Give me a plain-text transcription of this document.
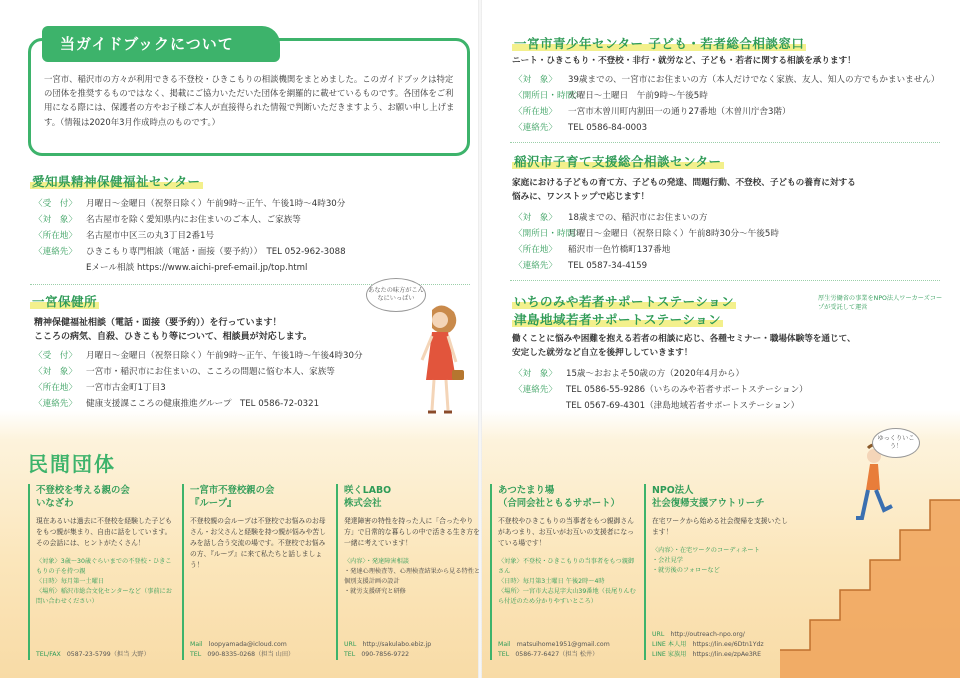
当ガイドブックについて
一宮市、稲沢市の方々が利用できる不登校・ひきこもりの相談機関をまとめました。このガイドブックは特定の団体を推奨するものではなく、掲載にご協力いただいた団体を網羅的に載せているものです。各団体をご利用になる際には、保護者の方やお子様ご本人が直接得られた情報で判断いただきますよう、お願い申し上げます。（情報は2020年3月作成時点のものです。）
愛知県精神保健福祉センター
〈受　付〉	月曜日～金曜日（祝祭日除く）午前9時～正午、午後1時～4時30分
〈対　象〉	名古屋市を除く愛知県内にお住まいのご本人、ご家族等
〈所在地〉	名古屋市中区三の丸3丁目2番1号
〈連絡先〉	ひきこもり専門相談（電話・面接（要予約））　TEL 052-962-3088
Eメール相談 https://www.aichi-pref-email.jp/top.html
一宮保健所
精神保健福祉相談（電話・面接（要予約））を行っています！
こころの病気、自殺、ひきこもり等について、相談員が対応します。
〈受　付〉	月曜日～金曜日（祝祭日除く）午前9時～正午、午後1時～午後4時30分
〈対　象〉	一宮市・稲沢市にお住まいの、こころの問題に悩む本人、家族等
〈所在地〉	一宮市古金町1丁目3
〈連絡先〉	健康支援課こころの健康推進グループ　TEL 0586-72-0321
あなたの味方がこんなにいっぱい
一宮市青少年センター 子ども・若者総合相談窓口
ニート・ひきこもり・不登校・非行・就労など、子ども・若者に関する相談を承ります！
〈対　象〉	39歳までの、一宮市にお住まいの方（本人だけでなく家族、友人、知人の方でもかまいません）
〈開所日・時間〉
火曜日～土曜日　午前9時～午後5時
〈所在地〉	一宮市木曽川町内割田一の通り27番地（木曽川庁舎3階）
〈連絡先〉	TEL 0586-84-0003
稲沢市子育て支援総合相談センター
家庭における子どもの育て方、子どもの発達、問題行動、不登校、子どもの養育に対する
悩みに、ワンストップで応じます！
〈対　象〉	18歳までの、稲沢市にお住まいの方
〈開所日・時間〉
月曜日～金曜日（祝祭日除く）午前8時30分～午後5時
〈所在地〉	稲沢市一色竹橋町137番地
〈連絡先〉	TEL 0587-34-4159
いちのみや若者サポートステーション
津島地域若者サポートステーション
厚生労働省の事業をNPO法人ワーカーズコープが受託して運営
働くことに悩みや困難を抱える若者の相談に応じ、各種セミナー・職場体験等を通じて、
安定した就労など自立を後押ししていきます！
〈対　象〉	15歳～おおよそ50歳の方（2020年4月から）
〈連絡先〉	TEL 0586-55-9286（いちのみや若者サポートステーション）
TEL 0567-69-4301（津島地域若者サポートステーション）
ゆっくりいこう！
民間団体
不登校を考える親の会
いなざわ
現在あるいは過去に不登校を経験した子どもをもつ親が集まり、自由に話をしています。その会話には、ヒントがたくさん！
〈対象〉3歳～30歳ぐらいまでの不登校・ひきこもりの子を持つ親
〈日時〉毎月第一土曜日
〈場所〉稲沢市総合文化センターなど（事前にお問い合わせください）
TEL/FAX　 0587-23-5799（担当 大野）
一宮市不登校親の会
『ループ』
不登校親の会ループは不登校でお悩みのお母さん・お父さんと経験を持つ親が悩みや苦しみを話し合う交流の場です。不登校でお悩みの方、『ループ』に来て私たちと話しましょう！
Mail　 loopyamada@icloud.com
TEL　 090-8335-0268（担当 山田）
咲くLABO
株式会社
発達障害の特性を持った人に「合ったやり方」で日常的な暮らしの中で活きる生き方を一緒に考えています！
〈内容〉・発達障害相談
・発達心理検査等、心理検査結果から見る特性と個別支援計画の設計
・就労支援研究と研修
URL　 http://sakulabo.ebiz.jp
TEL　 090-7856-9722
あつたまり場
（合同会社ともるサポート）
不登校やひきこもりの当事者をもつ親御さんがあつまり、お互いがお互いの支援者になっている場です！
〈対象〉不登校・ひきこもりの当事者をもつ親御さん
〈日時〉毎月第3土曜日 午後2時～4時
〈場所〉一宮市大志見字大山39番地（長尾りんむら付近のため分かりやすいところ）
Mail　 matsuihome1951@gmail.com
TEL　 0586-77-6427（担当 松井）
NPO法人
社会復帰支援アウトリーチ
在宅ワークから始める社会復帰を支援いたします！
〈内容〉・在宅ワークのコーディネート
・会社見学
・就労後のフォローなど
URL　 http://outreach-npo.org/
LINE 本人用　 https://lin.ee/6Dtn1Ydz
LINE 家族用　 https://lin.ee/zpAe3RE
